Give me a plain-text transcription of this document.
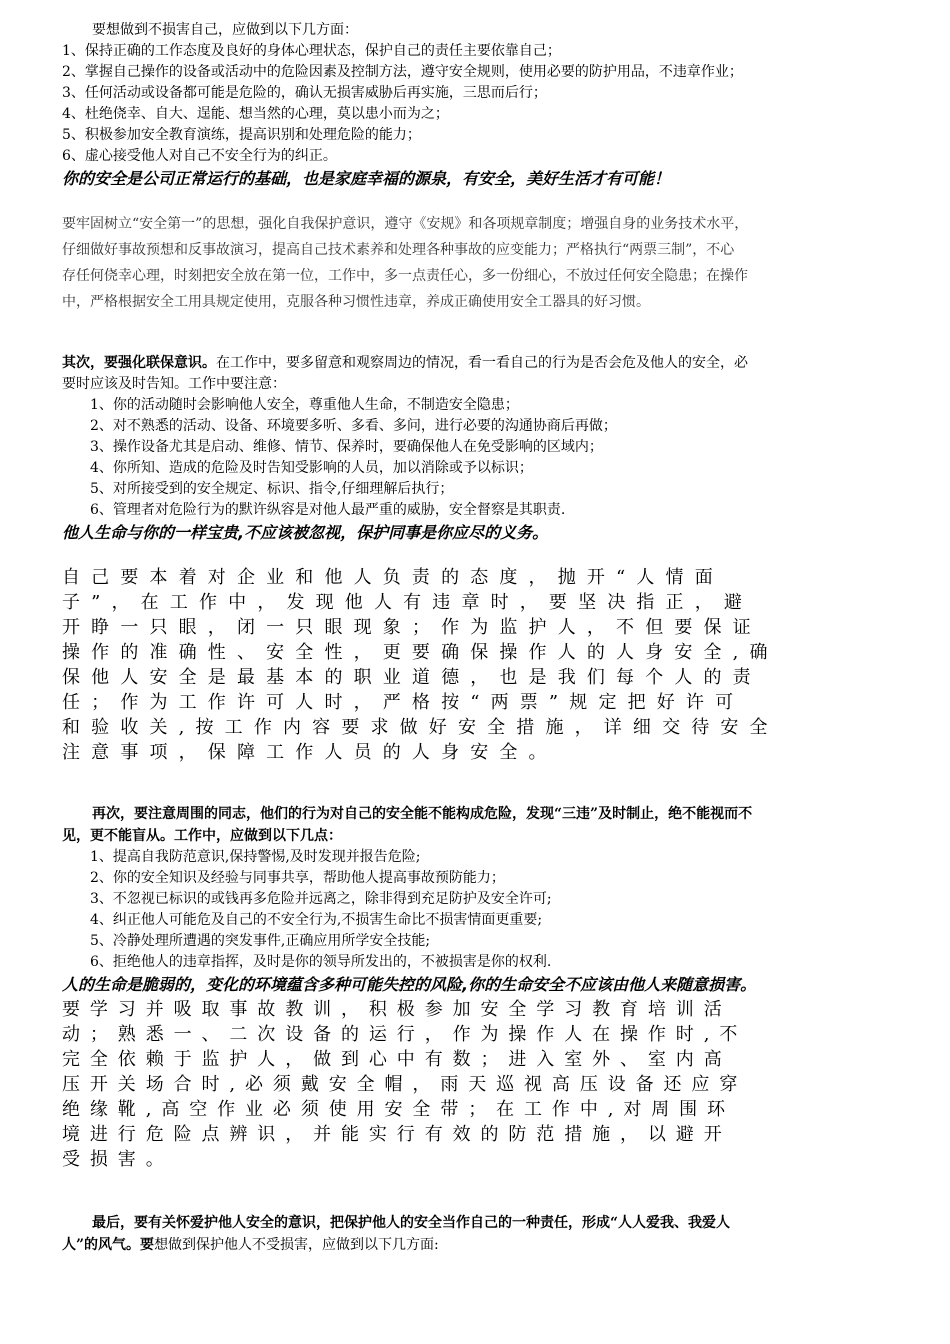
要想做到不损害自己，应做到以下几方面：

1、保持正确的工作态度及良好的身体心理状态，保护自己的责任主要依靠自己；

2、掌握自己操作的设备或活动中的危险因素及控制方法，遵守安全规则，使用必要的防护用品，不违章作业；

3、任何活动或设备都可能是危险的，确认无损害威胁后再实施，三思而后行；

4、杜绝侥幸、自大、逞能、想当然的心理，莫以患小而为之；

5、积极参加安全教育演练，提高识别和处理危险的能力；

6、虚心接受他人对自己不安全行为的纠正。

你的安全是公司正常运行的基础，也是家庭幸福的源泉，有安全，美好生活才有可能！

要牢固树立“安全第一”的思想，强化自我保护意识，遵守《安规》和各项规章制度；增强自身的业务技术水平，

仔细做好事故预想和反事故演习，提高自己技术素养和处理各种事故的应变能力；严格执行“两票三制”，不心

存任何侥幸心理，时刻把安全放在第一位，工作中，多一点责任心，多一份细心，不放过任何安全隐患；在操作

中，严格根据安全工用具规定使用，克服各种习惯性违章，养成正确使用安全工器具的好习惯。

其次，要强化联保意识。在工作中，要多留意和观察周边的情况，看一看自己的行为是否会危及他人的安全，必

要时应该及时告知。工作中要注意：

1、你的活动随时会影响他人安全，尊重他人生命，不制造安全隐患；

2、对不熟悉的活动、设备、环境要多听、多看、多问，进行必要的沟通协商后再做；

3、操作设备尤其是启动、维修、情节、保养时，要确保他人在免受影响的区域内；

4、你所知、造成的危险及时告知受影响的人员，加以消除或予以标识；

5、对所接受到的安全规定、标识、指令,仔细理解后执行；

6、管理者对危险行为的默许纵容是对他人最严重的威胁，安全督察是其职责.

他人生命与你的一样宝贵,不应该被忽视，保护同事是你应尽的义务。

自己要本着对企业和他人负责的态度，抛开“人情面

子”，在工作中，发现他人有违章时，要坚决指正，避

开睁一只眼，闭一只眼现象；作为监护人，不但要保证

操作的准确性、安全性，更要确保操作人的人身安全,确

保他人安全是最基本的职业道德，也是我们每个人的责

任；作为工作许可人时，严格按“两票”规定把好许可

和验收关,按工作内容要求做好安全措施，详细交待安全

注意事项，保障工作人员的人身安全。

再次，要注意周围的同志，他们的行为对自己的安全能不能构成危险，发现“三违”及时制止，绝不能视而不

见，更不能盲从。工作中，应做到以下几点：

1、提高自我防范意识,保持警惕,及时发现并报告危险;

2、你的安全知识及经验与同事共享，帮助他人提高事故预防能力；

3、不忽视已标识的或钱再多危险并远离之，除非得到充足防护及安全许可;

4、纠正他人可能危及自己的不安全行为,不损害生命比不损害情面更重要;

5、冷静处理所遭遇的突发事件,正确应用所学安全技能;

6、拒绝他人的违章指挥，及时是你的领导所发出的，不被损害是你的权利.

人的生命是脆弱的，变化的环境蕴含多种可能失控的风险,你的生命安全不应该由他人来随意损害。

要学习并吸取事故教训，积极参加安全学习教育培训活

动；熟悉一、二次设备的运行，作为操作人在操作时,不

完全依赖于监护人，做到心中有数；进入室外、室内高

压开关场合时,必须戴安全帽，雨天巡视高压设备还应穿

绝缘靴,高空作业必须使用安全带；在工作中,对周围环

境进行危险点辨识，并能实行有效的防范措施，以避开

受损害。

最后，要有关怀爱护他人安全的意识，把保护他人的安全当作自己的一种责任，形成“人人爱我、我爱人

人”的风气。要想做到保护他人不受损害，应做到以下几方面:
